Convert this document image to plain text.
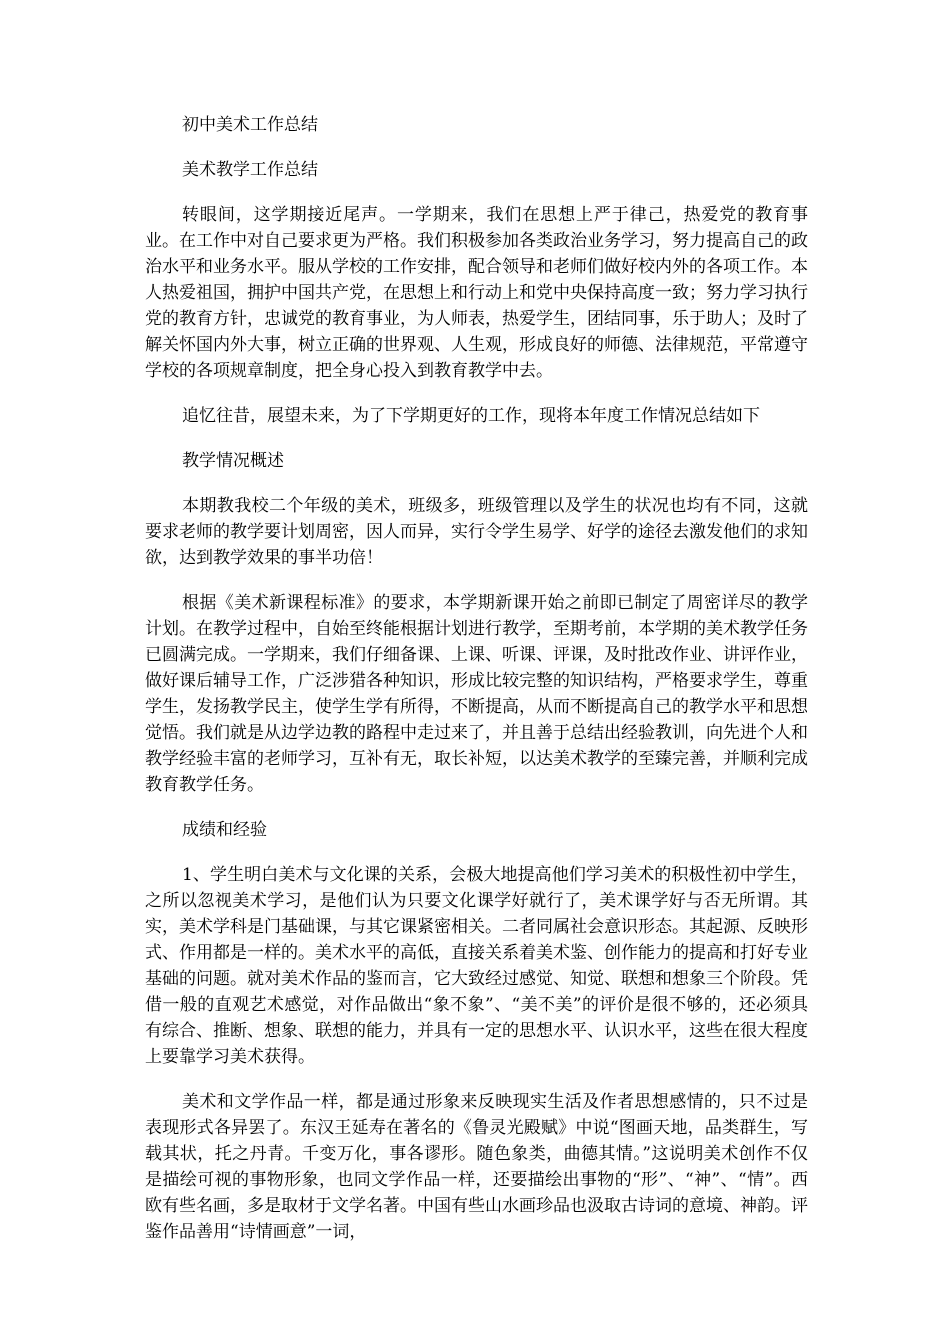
初中美术工作总结
美术教学工作总结
转眼间，这学期接近尾声。一学期来，我们在思想上严于律己，热爱党的教育事业。在工作中对自己要求更为严格。我们积极参加各类政治业务学习，努力提高自己的政治水平和业务水平。服从学校的工作安排，配合领导和老师们做好校内外的各项工作。本人热爱祖国，拥护中国共产党，在思想上和行动上和党中央保持高度一致；努力学习执行党的教育方针，忠诚党的教育事业，为人师表，热爱学生，团结同事，乐于助人；及时了解关怀国内外大事，树立正确的世界观、人生观，形成良好的师德、法律规范，平常遵守学校的各项规章制度，把全身心投入到教育教学中去。
追忆往昔，展望未来，为了下学期更好的工作，现将本年度工作情况总结如下
教学情况概述
本期教我校二个年级的美术，班级多，班级管理以及学生的状况也均有不同，这就要求老师的教学要计划周密，因人而异，实行令学生易学、好学的途径去激发他们的求知欲，达到教学效果的事半功倍！
根据《美术新课程标准》的要求，本学期新课开始之前即已制定了周密详尽的教学计划。在教学过程中，自始至终能根据计划进行教学，至期考前，本学期的美术教学任务已圆满完成。一学期来，我们仔细备课、上课、听课、评课，及时批改作业、讲评作业，做好课后辅导工作，广泛涉猎各种知识，形成比较完整的知识结构，严格要求学生，尊重学生，发扬教学民主，使学生学有所得，不断提高，从而不断提高自己的教学水平和思想觉悟。我们就是从边学边教的路程中走过来了，并且善于总结出经验教训，向先进个人和教学经验丰富的老师学习，互补有无，取长补短，以达美术教学的至臻完善，并顺利完成教育教学任务。
成绩和经验
1、学生明白美术与文化课的关系，会极大地提高他们学习美术的积极性初中学生，之所以忽视美术学习，是他们认为只要文化课学好就行了，美术课学好与否无所谓。其实，美术学科是门基础课，与其它课紧密相关。二者同属社会意识形态。其起源、反映形式、作用都是一样的。美术水平的高低，直接关系着美术鉴、创作能力的提高和打好专业基础的问题。就对美术作品的鉴而言，它大致经过感觉、知觉、联想和想象三个阶段。凭借一般的直观艺术感觉，对作品做出“象不象”、“美不美”的评价是很不够的，还必须具有综合、推断、想象、联想的能力，并具有一定的思想水平、认识水平，这些在很大程度上要靠学习美术获得。
美术和文学作品一样，都是通过形象来反映现实生活及作者思想感情的，只不过是表现形式各异罢了。东汉王延寿在著名的《鲁灵光殿赋》中说“图画天地，品类群生，写载其状，托之丹青。千变万化，事各谬形。随色象类，曲德其情。”这说明美术创作不仅是描绘可视的事物形象，也同文学作品一样，还要描绘出事物的“形”、“神”、“情”。西欧有些名画，多是取材于文学名著。中国有些山水画珍品也汲取古诗词的意境、神韵。评鉴作品善用“诗情画意”一词，
